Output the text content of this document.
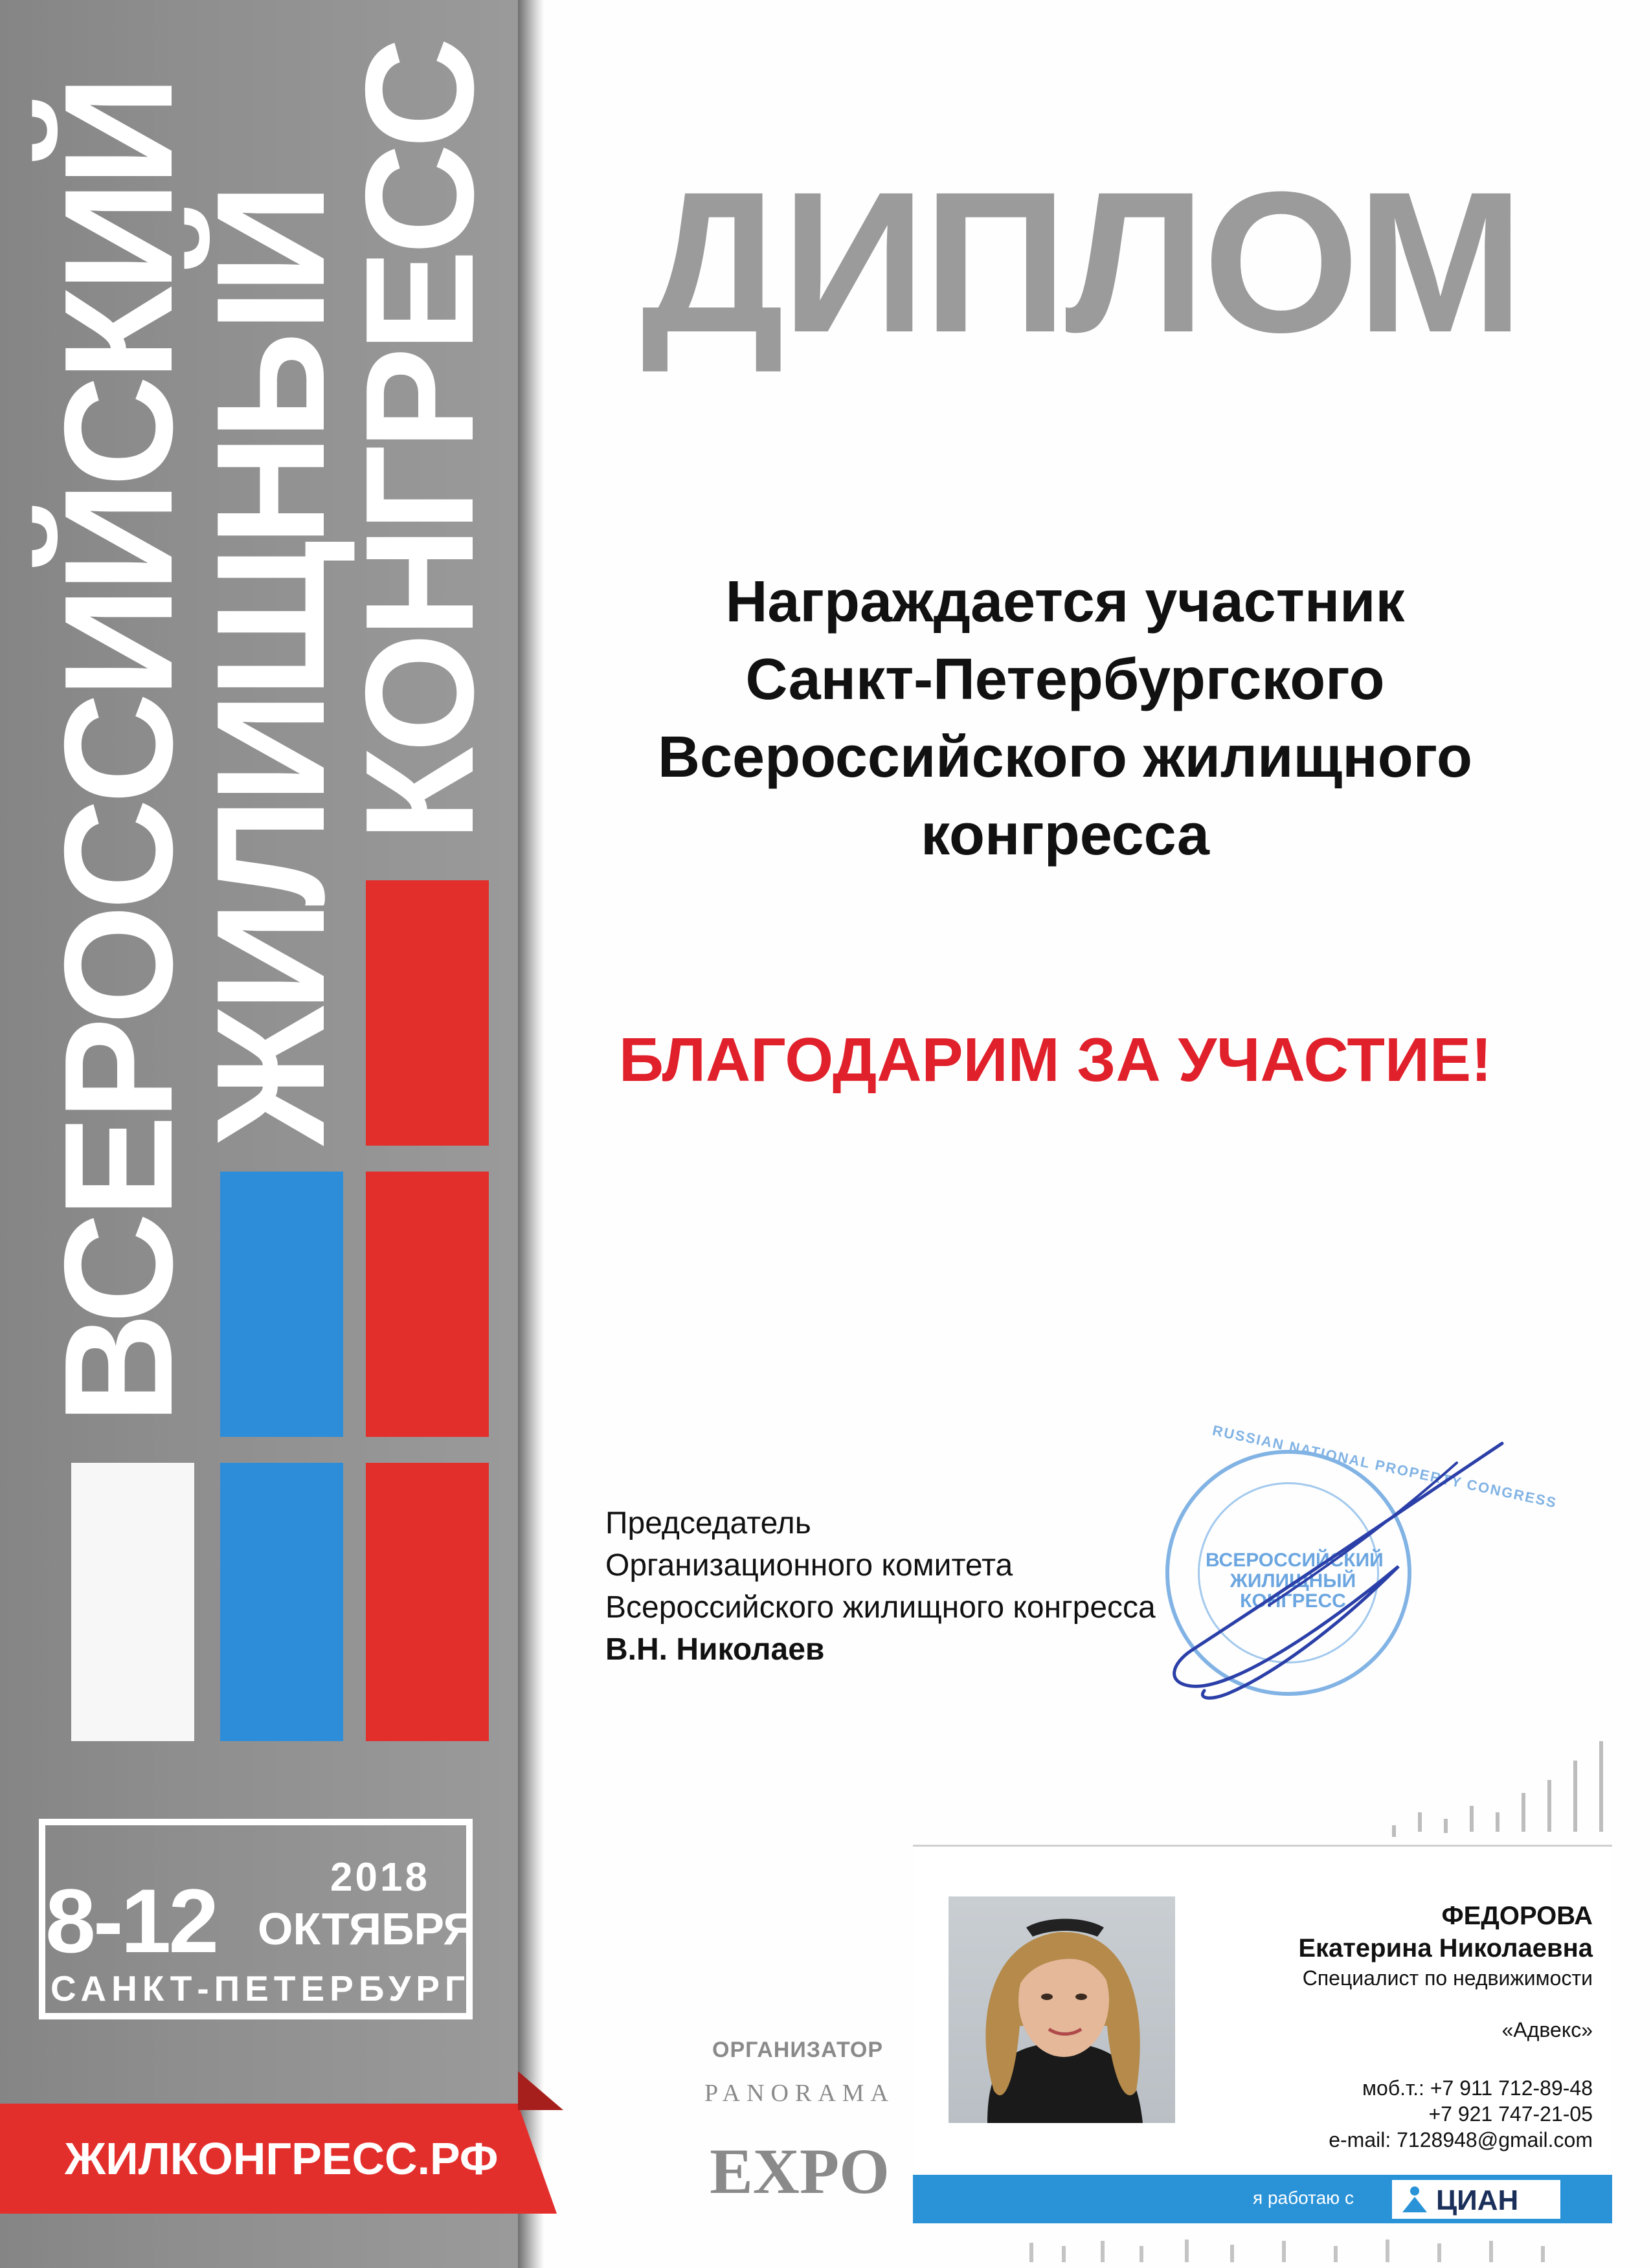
ВСЕРОССИЙСКИЙ
ЖИЛИЩНЫЙ
КОНГРЕСС
2018
8-12 ОКТЯБРЯ
САНКТ-ПЕТЕРБУРГ
ЖИЛКОНГРЕСС.РФ
ДИПЛОМ
Награждается участник
Санкт-Петербургского
Всероссийского жилищного
конгресса
БЛАГОДАРИМ ЗА УЧАСТИЕ!
Председатель
Организационного комитета
Всероссийского жилищного конгресса
В.Н. Николаев
RUSSIAN NATIONAL PROPERTY CONGRESS
ВСЕРОССИЙСКИЙ ЖИЛИЩНЫЙ КОНГРЕСС
ОРГАНИЗАТОР
PANORAMA
EXPO
ФЕДОРОВА
Екатерина Николаевна
Специалист по недвижимости
«Адвекс»
моб.т.: +7 911 712-89-48
+7 921 747-21-05
e-mail: 7128948@gmail.com
я работаю с	ЦИАН
